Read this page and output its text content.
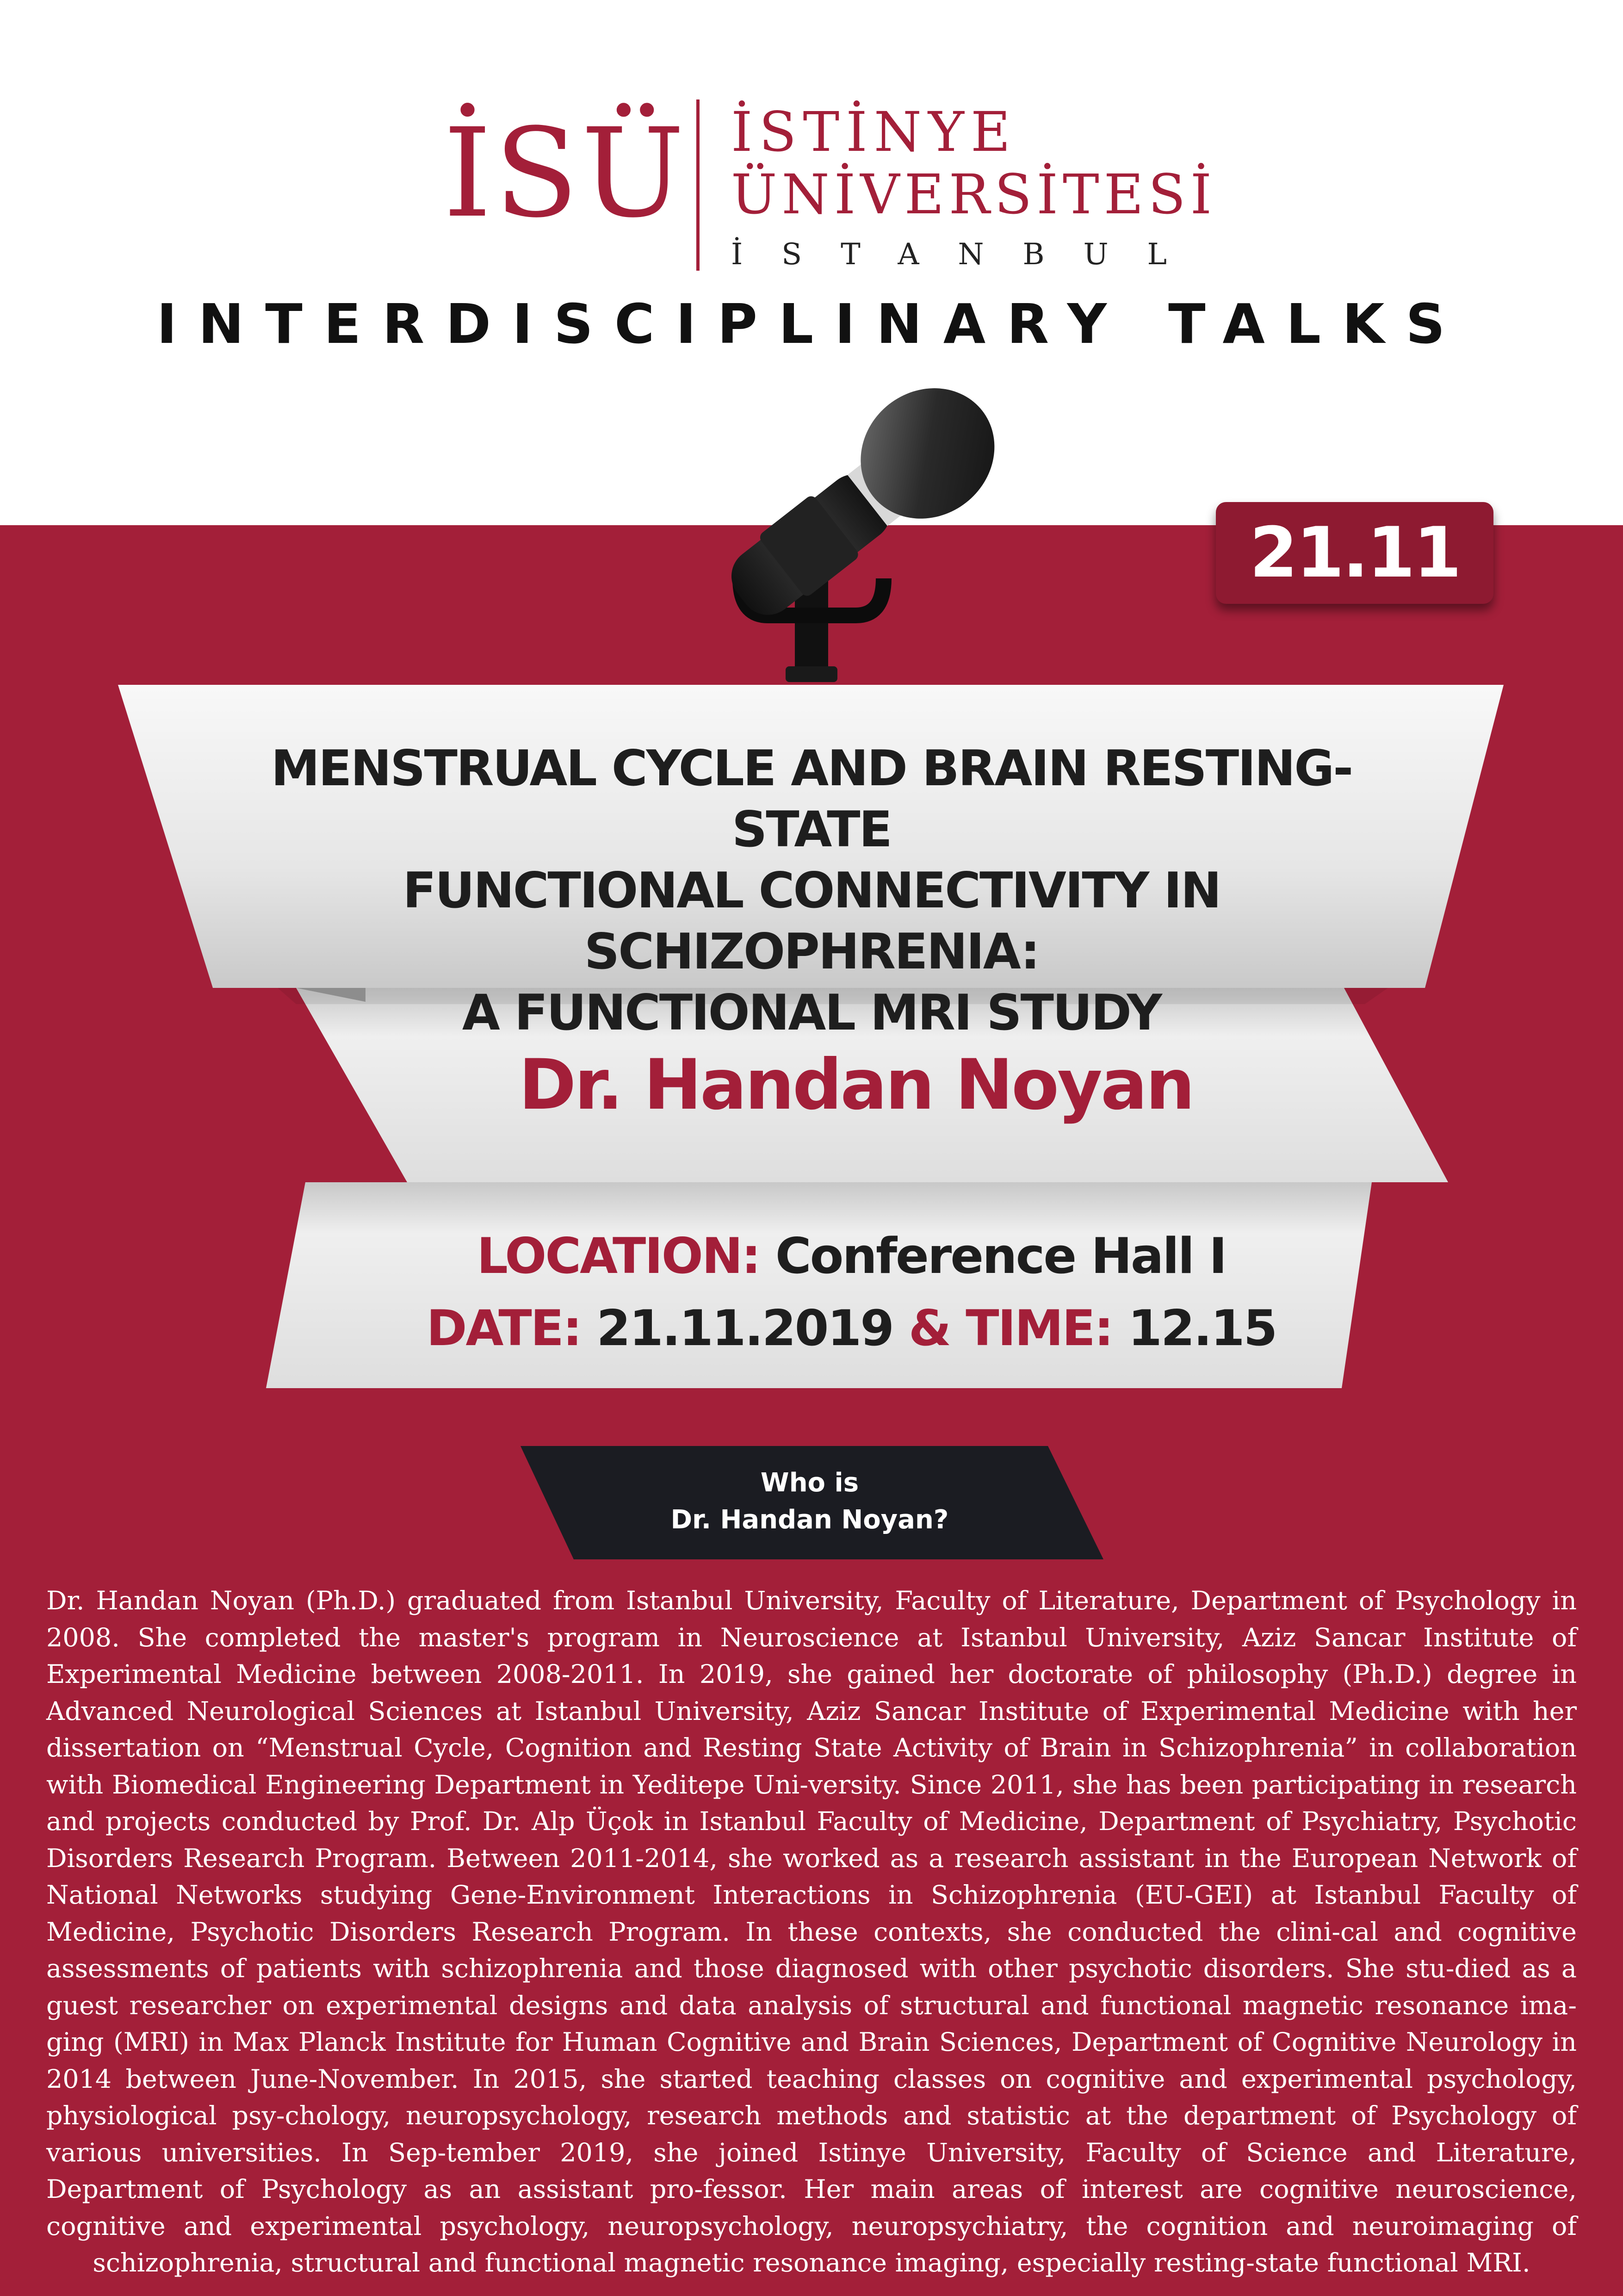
İSÜ İSTİNYE
ÜNİVERSİTESİ
İSTANBUL
INTERDISCIPLINARY TALKS
21.11
MENSTRUAL CYCLE AND BRAIN RESTING-STATE
FUNCTIONAL CONNECTIVITY IN SCHIZOPHRENIA:
A FUNCTIONAL MRI STUDY
Dr. Handan Noyan
LOCATION: Conference Hall I
DATE: 21.11.2019 & TIME: 12.15
Who is
Dr. Handan Noyan?

Dr. Handan Noyan (Ph.D.) graduated from Istanbul University, Faculty of Literature, Department of Psychology in 2008. She completed the master's program in Neuroscience at Istanbul University, Aziz Sancar Institute of Experimental Medicine between 2008-2011. In 2019, she gained her doctorate of philosophy (Ph.D.) degree in Advanced Neurological Sciences at Istanbul University, Aziz Sancar Institute of Experimental Medicine with her dissertation on “Menstrual Cycle, Cognition and Resting State Activity of Brain in Schizophrenia” in collaboration with Biomedical Engineering Department in Yeditepe Uni-versity. Since 2011, she has been participating in research and projects conducted by Prof. Dr. Alp Üçok in Istanbul Faculty of Medicine, Department of Psychiatry, Psychotic Disorders Research Program. Between 2011-2014, she worked as a research assistant in the European Network of National Networks studying Gene-Environment Interactions in Schizophrenia (EU-GEI) at Istanbul Faculty of Medicine, Psychotic Disorders Research Program. In these contexts, she conducted the clini-cal and cognitive assessments of patients with schizophrenia and those diagnosed with other psychotic disorders. She stu-died as a guest researcher on experimental designs and data analysis of structural and functional magnetic resonance ima-ging (MRI) in Max Planck Institute for Human Cognitive and Brain Sciences, Department of Cognitive Neurology in 2014 between June-November. In 2015, she started teaching classes on cognitive and experimental psychology, physiological psy-chology, neuropsychology, research methods and statistic at the department of Psychology of various universities. In Sep-tember 2019, she joined Istinye University, Faculty of Science and Literature, Department of Psychology as an assistant pro-fessor. Her main areas of interest are cognitive neuroscience, cognitive and experimental psychology, neuropsychology, neuropsychiatry, the cognition and neuroimaging of schizophrenia, structural and functional magnetic resonance imaging, especially resting-state functional MRI.
